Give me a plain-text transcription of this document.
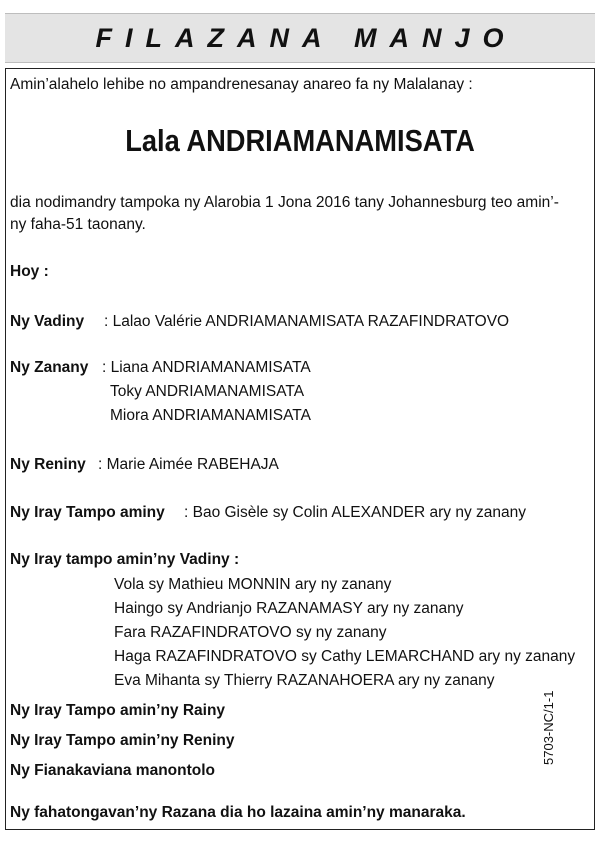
FILAZANA MANJO
Amin’alahelo lehibe no ampandrenesanay anareo fa ny Malalanay :
Lala ANDRIAMANAMISATA
dia nodimandry tampoka ny Alarobia 1 Jona 2016 tany Johannesburg teo amin’-
ny faha-51 taonany.
Hoy :
Ny Vadiny : Lalao Valérie ANDRIAMANAMISATA RAZAFINDRATOVO
Ny Zanany : Liana ANDRIAMANAMISATA
Toky ANDRIAMANAMISATA
Miora ANDRIAMANAMISATA
Ny Reniny : Marie Aimée RABEHAJA
Ny Iray Tampo aminy : Bao Gisèle sy Colin ALEXANDER ary ny zanany
Ny Iray tampo amin’ny Vadiny :
Vola sy Mathieu MONNIN ary ny zanany
Haingo sy Andrianjo RAZANAMASY ary ny zanany
Fara RAZAFINDRATOVO sy ny zanany
Haga RAZAFINDRATOVO sy Cathy LEMARCHAND ary ny zanany
Eva Mihanta sy Thierry RAZANAHOERA ary ny zanany
Ny Iray Tampo amin’ny Rainy
Ny Iray Tampo amin’ny Reniny
Ny Fianakaviana manontolo
Ny fahatongavan’ny Razana dia ho lazaina amin’ny manaraka.
5703-NC/1-1
